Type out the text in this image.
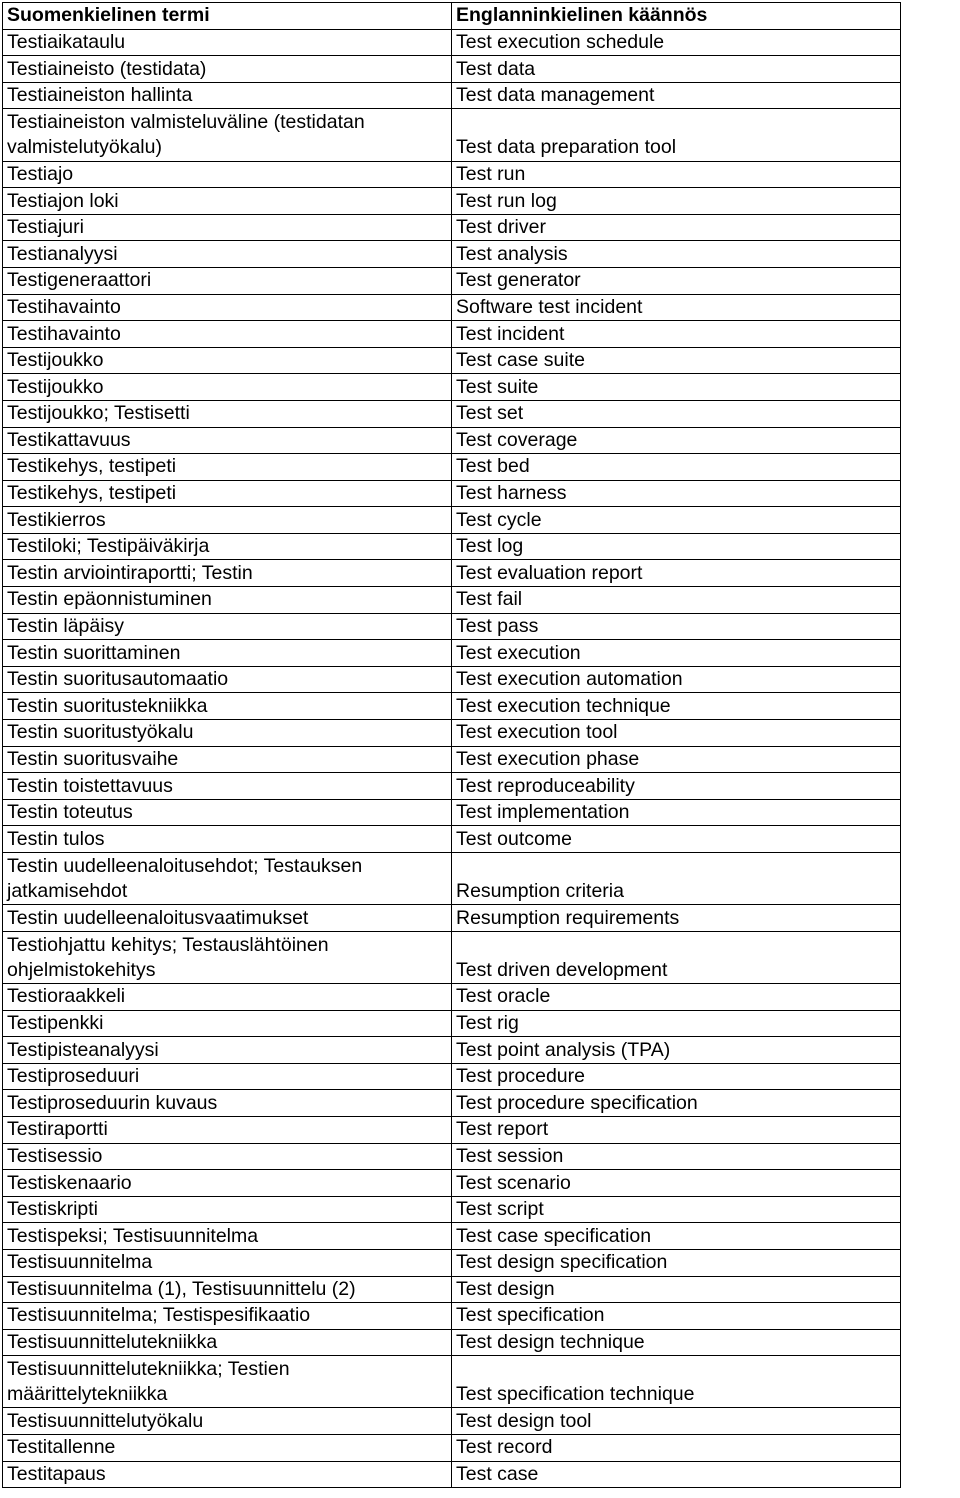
Suomenkielinen termi	Englanninkielinen käännös
Testiaikataulu	Test execution schedule
Testiaineisto (testidata)	Test data
Testiaineiston hallinta	Test data management
Testiaineiston valmisteluväline (testidatan valmistelutyökalu)	Test data preparation tool
Testiajo	Test run
Testiajon loki	Test run log
Testiajuri	Test driver
Testianalyysi	Test analysis
Testigeneraattori	Test generator
Testihavainto	Software test incident
Testihavainto	Test incident
Testijoukko	Test case suite
Testijoukko	Test suite
Testijoukko; Testisetti	Test set
Testikattavuus	Test coverage
Testikehys, testipeti	Test bed
Testikehys, testipeti	Test harness
Testikierros	Test cycle
Testiloki; Testipäiväkirja	Test log
Testin arviointiraportti; Testin	Test evaluation report
Testin epäonnistuminen	Test fail
Testin läpäisy	Test pass
Testin suorittaminen	Test execution
Testin suoritusautomaatio	Test execution automation
Testin suoritustekniikka	Test execution technique
Testin suoritustyökalu	Test execution tool
Testin suoritusvaihe	Test execution phase
Testin toistettavuus	Test reproduceability
Testin toteutus	Test implementation
Testin tulos	Test outcome
Testin uudelleenaloitusehdot; Testauksen jatkamisehdot	Resumption criteria
Testin uudelleenaloitusvaatimukset	Resumption requirements
Testiohjattu kehitys; Testauslähtöinen ohjelmistokehitys	Test driven development
Testioraakkeli	Test oracle
Testipenkki	Test rig
Testipisteanalyysi	Test point analysis (TPA)
Testiproseduuri	Test procedure
Testiproseduurin kuvaus	Test procedure specification
Testiraportti	Test report
Testisessio	Test session
Testiskenaario	Test scenario
Testiskripti	Test script
Testispeksi; Testisuunnitelma	Test case specification
Testisuunnitelma	Test design specification
Testisuunnitelma (1), Testisuunnittelu (2)	Test design
Testisuunnitelma; Testispesifikaatio	Test specification
Testisuunnittelutekniikka	Test design technique
Testisuunnittelutekniikka; Testien määrittelytekniikka	Test specification technique
Testisuunnittelutyökalu	Test design tool
Testitallenne	Test record
Testitapaus	Test case
